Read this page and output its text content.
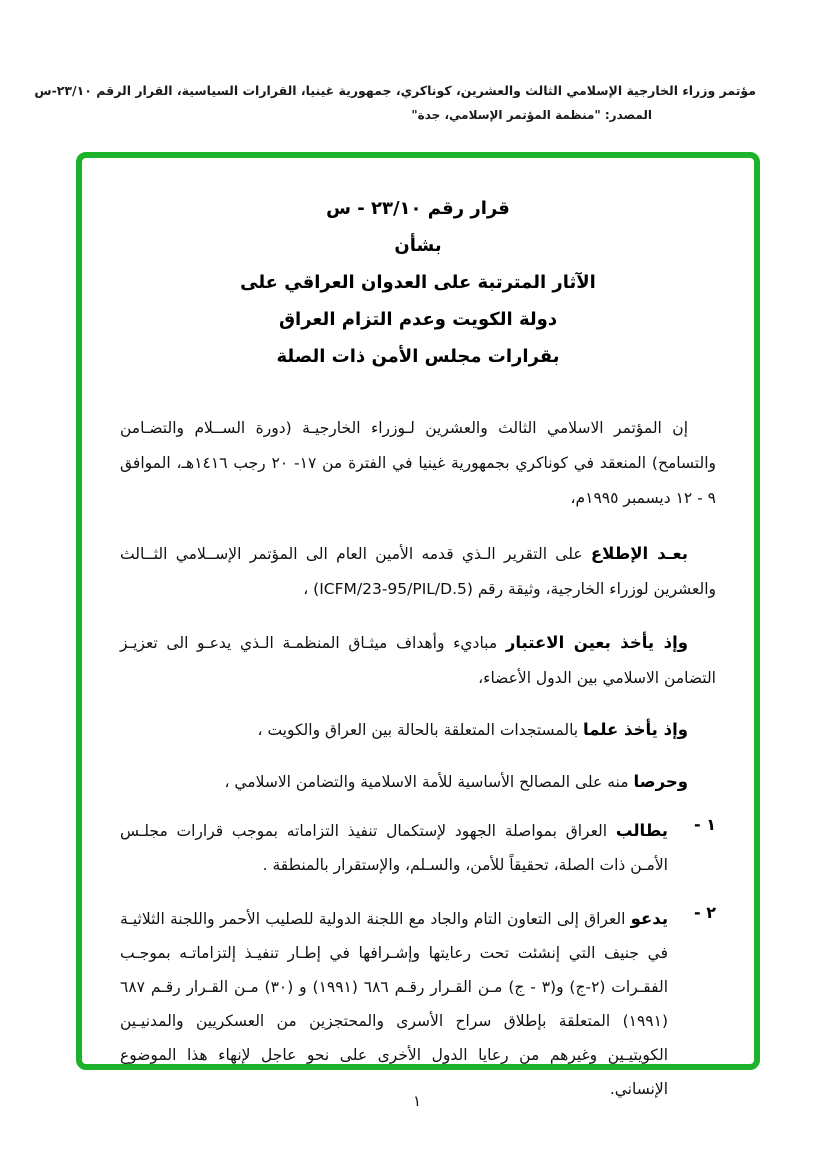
مؤتمر وزراء الخارجية الإسلامي الثالث والعشرين، كوناكري، جمهورية غينيا، القرارات السياسية، القرار الرقم ٢٣/١٠-س
المصدر: "منظمة المؤتمر الإسلامي، جدة"
قرار رقم ٢٣/١٠ - س
بشأن
الآثار المترتبة على العدوان العراقي على
دولة الكويت وعدم التزام العراق
بقرارات مجلس الأمن ذات الصلة
إن المؤتمر الاسلامي الثالث والعشرين لـوزراء الخارجيـة (دورة الســلام والتضـامن والتسامح) المنعقد في كوناكري بجمهورية غينيا في الفترة من ١٧- ٢٠ رجب ١٤١٦هـ، الموافق ٩ - ١٢ ديسمبر ١٩٩٥م،
بعـد الإطلاع على التقرير الـذي قدمه الأمين العام الى المؤتمر الإســلامي الثــالث والعشرين لوزراء الخارجية، وثيقة رقم (ICFM/23-95/PIL/D.5) ،
وإذ يأخذ بعين الاعتبار مباديء وأهداف ميثـاق المنظمـة الـذي يدعـو الى تعزيـز التضامن الاسلامي بين الدول الأعضاء،
وإذ يأخذ علما بالمستجدات المتعلقة بالحالة بين العراق والكويت ،
وحرصا منه على المصالح الأساسية للأمة الاسلامية والتضامن الاسلامي ،
١ -
يطالب العراق بمواصلة الجهود لإستكمال تنفيذ التزاماته بموجب قرارات مجلـس الأمـن ذات الصلة، تحقيقاً للأمن، والسـلم، والإستقرار بالمنطقة .
٢ -
يدعو العراق إلى التعاون التام والجاد مع اللجنة الدولية للصليب الأحمر واللجنة الثلاثيـة في جنيف التي إنشئت تحت رعايتها وإشـرافها في إطـار تنفيـذ إلتزاماتـه بموجـب الفقـرات (٢-ج) و(٣ - ج) مـن القـرار رقـم ٦٨٦ (١٩٩١) و (٣٠) مـن القـرار رقـم ٦٨٧ (١٩٩١) المتعلقة بإطلاق سراح الأسرى والمحتجزين من العسكريين والمدنيـين الكويتيـين وغيرهم من رعايا الدول الأخرى على نحو عاجل لإنهاء هذا الموضوع الإنساني.
١
